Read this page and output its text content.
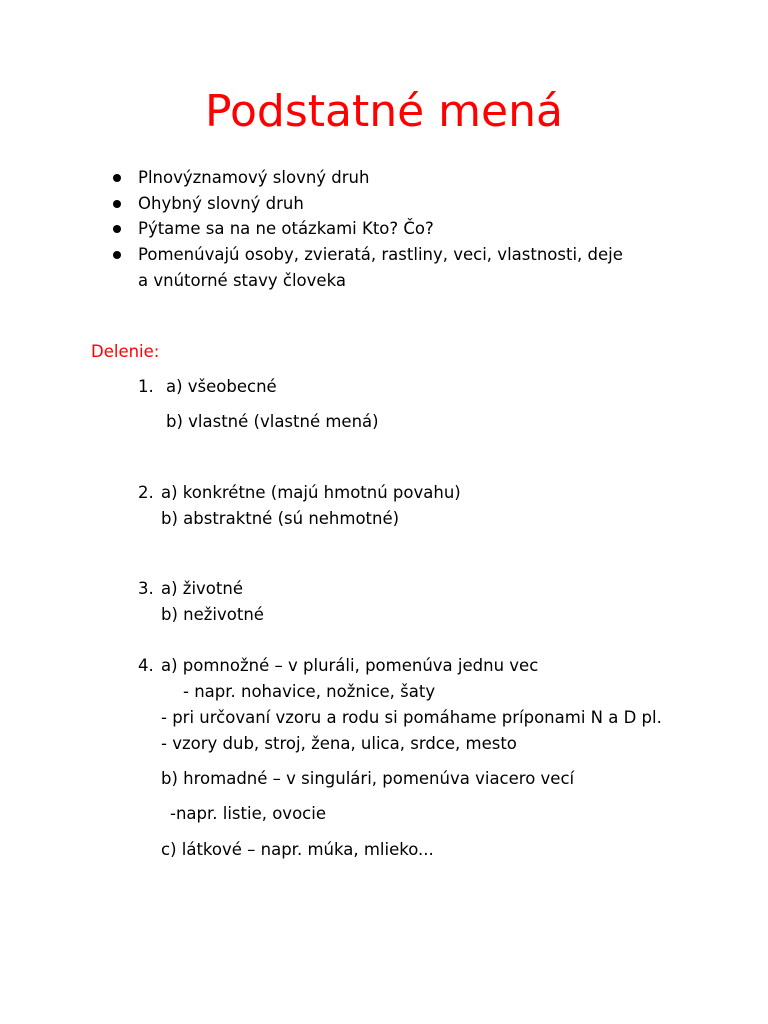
Podstatné mená
Plnovýznamový slovný druh
Ohybný slovný druh
Pýtame sa na ne otázkami Kto? Čo?
Pomenúvajú osoby, zvieratá, rastliny, veci, vlastnosti, deje
a vnútorné stavy človeka
Delenie:
1. a) všeobecné
b) vlastné (vlastné mená)
2. a) konkrétne (majú hmotnú povahu)
b) abstraktné (sú nehmotné)
3. a) životné
b) neživotné
4. a) pomnožné – v pluráli, pomenúva jednu vec
- napr. nohavice, nožnice, šaty
- pri určovaní vzoru a rodu si pomáhame príponami N a D pl.
- vzory dub, stroj, žena, ulica, srdce, mesto
b) hromadné – v singulári, pomenúva viacero vecí
-napr. listie, ovocie
c) látkové – napr. múka, mlieko...
